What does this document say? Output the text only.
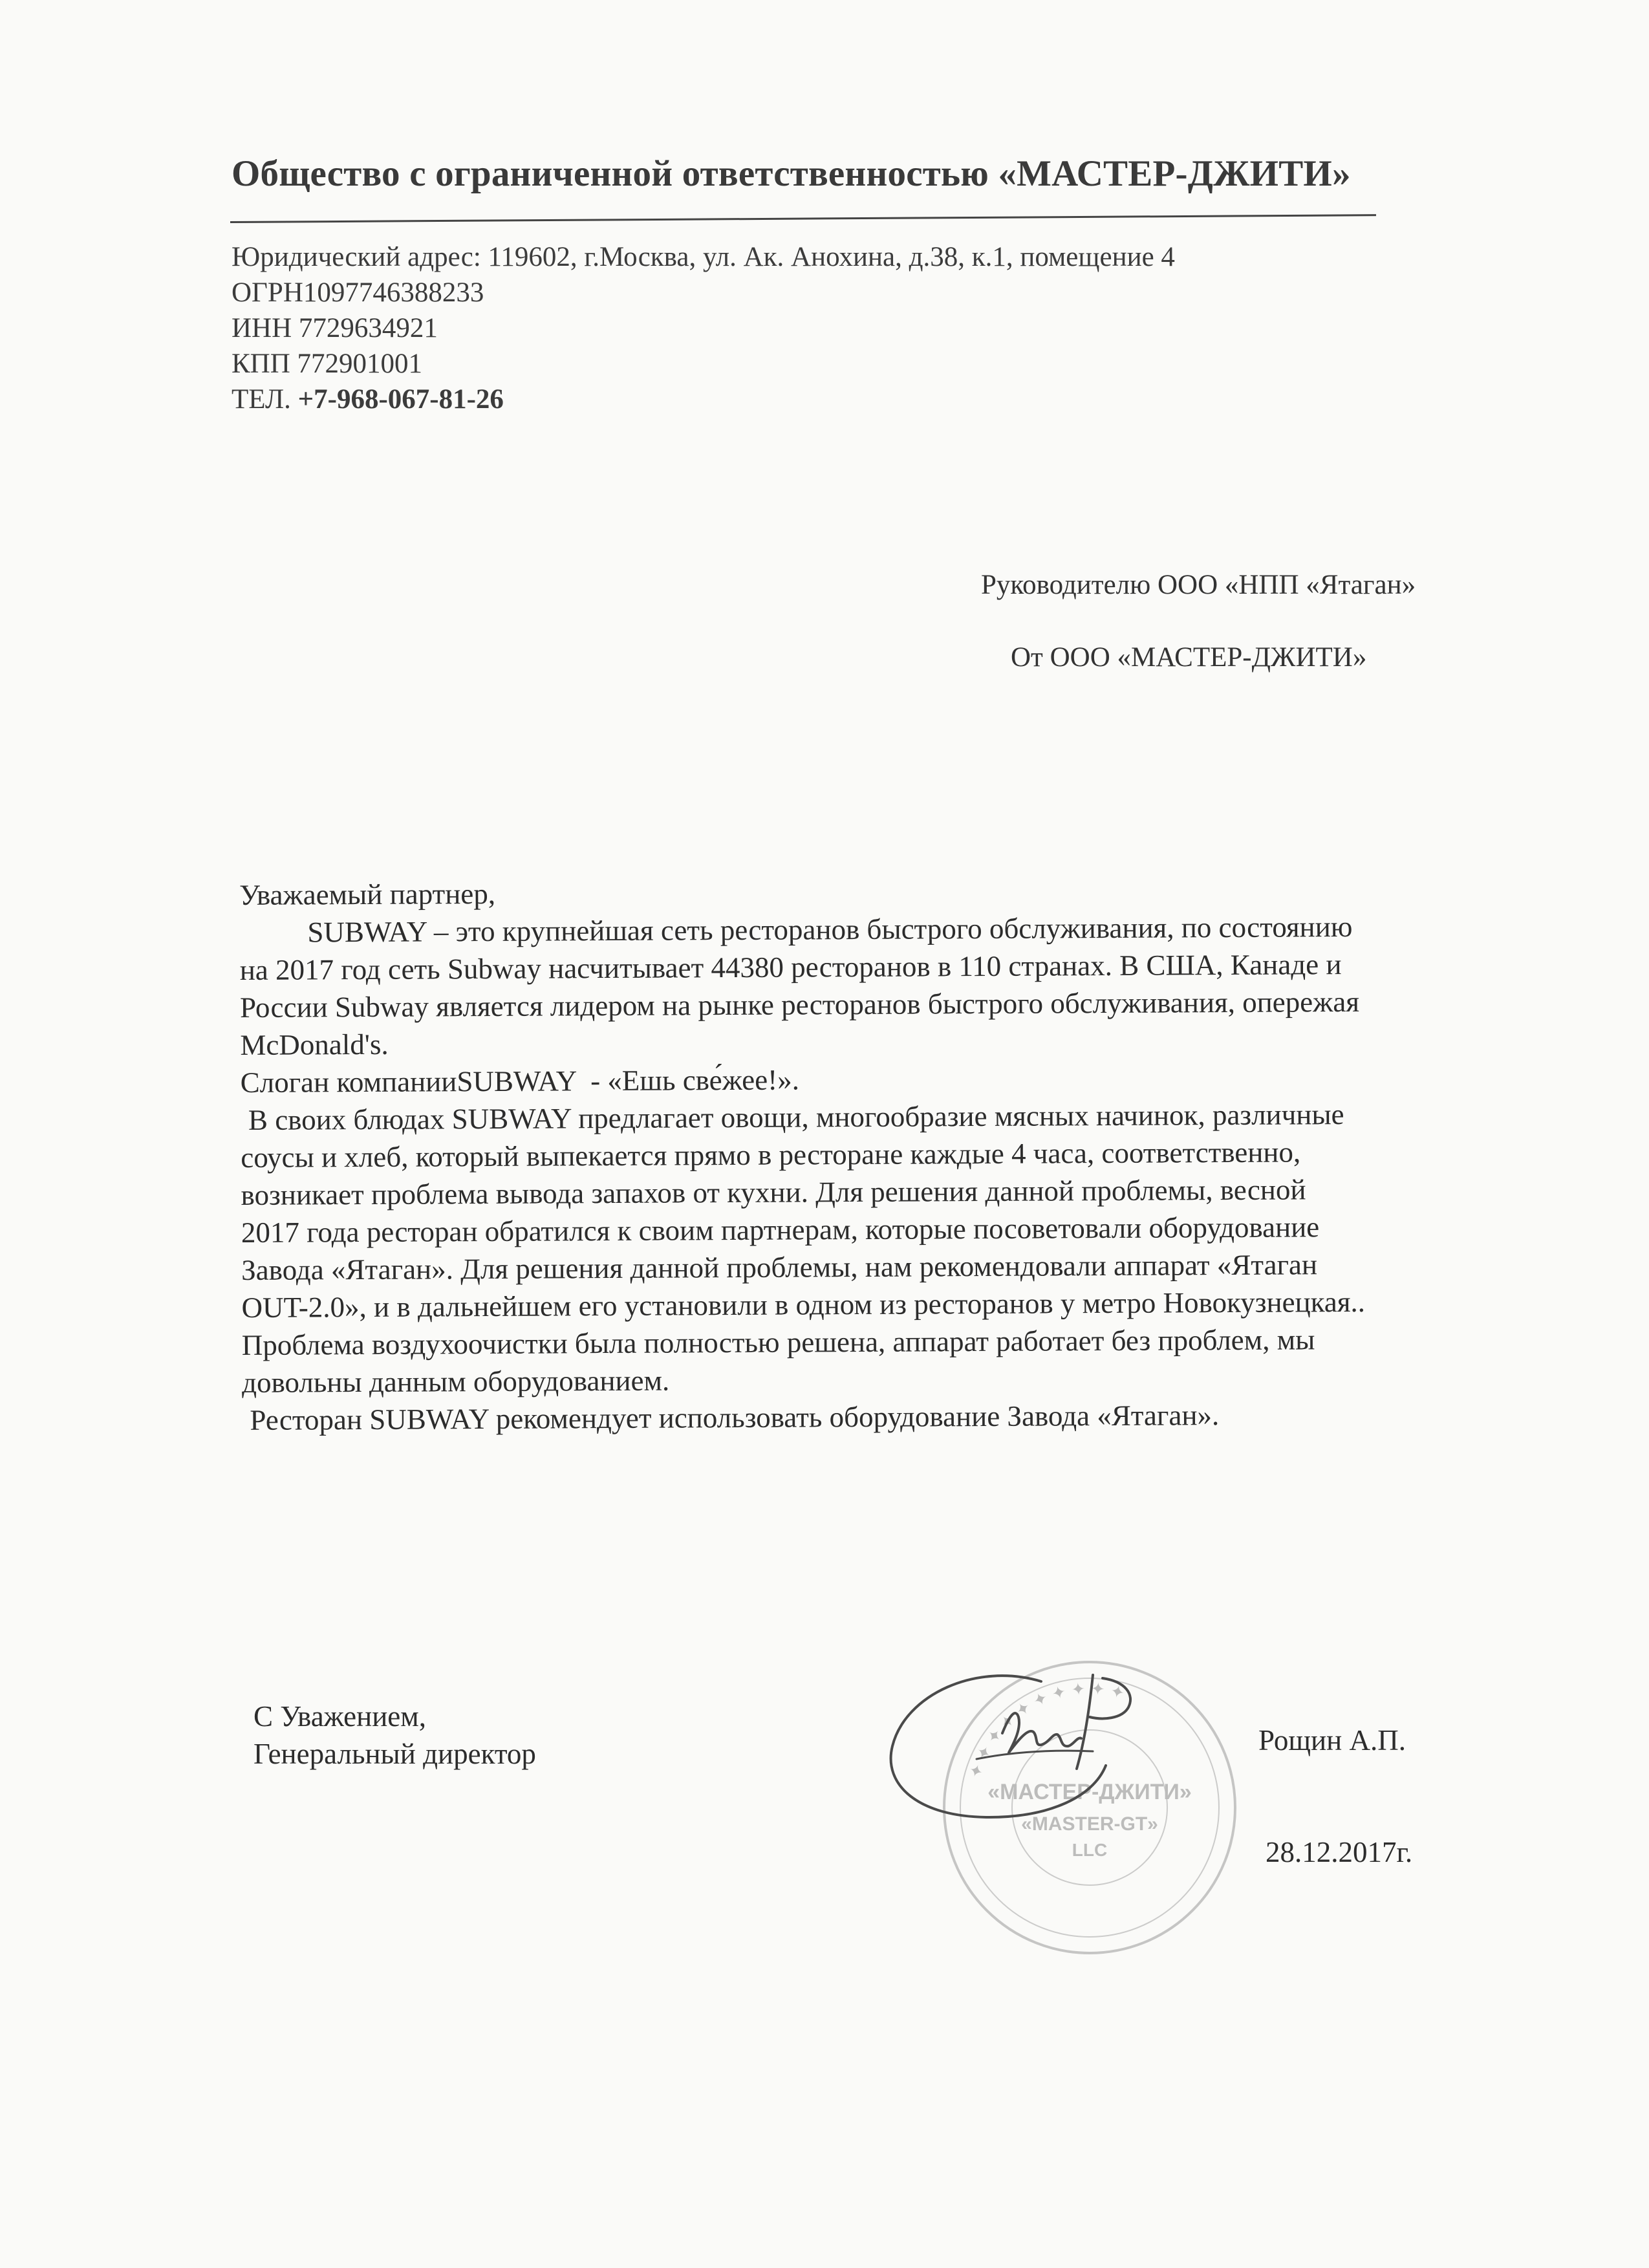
Общество с ограниченной ответственностью «МАСТЕР-ДЖИТИ»
Юридический адрес: 119602, г.Москва, ул. Ак. Анохина, д.38, к.1, помещение 4
ОГРН1097746388233
ИНН 7729634921
КПП 772901001
ТЕЛ. +7-968-067-81-26
Руководителю ООО «НПП «Ятаган»
От ООО «МАСТЕР-ДЖИТИ»
Уважаемый партнер,
SUBWAY – это крупнейшая сеть ресторанов быстрого обслуживания, по состоянию
на 2017 год сеть Subway насчитывает 44380 ресторанов в 110 странах. В США, Канаде и
России Subway является лидером на рынке ресторанов быстрого обслуживания, опережая
McDonald's.
Слоган компанииSUBWAY  - «Ешь све́жее!».
В своих блюдах SUBWAY предлагает овощи, многообразие мясных начинок, различные
соусы и хлеб, который выпекается прямо в ресторане каждые 4 часа, соответственно,
возникает проблема вывода запахов от кухни. Для решения данной проблемы, весной
2017 года ресторан обратился к своим партнерам, которые посоветовали оборудование
Завода «Ятаган». Для решения данной проблемы, нам рекомендовали аппарат «Ятаган
OUT-2.0», и в дальнейшем его установили в одном из ресторанов у метро Новокузнецкая..
Проблема воздухоочистки была полностью решена, аппарат работает без проблем, мы
довольны данным оборудованием.
Ресторан SUBWAY рекомендует использовать оборудование Завода «Ятаган».
С Уважением,
Генеральный директор
✦ ✦ ✦ ✦ ✦ ✦ ✦ ✦ ✦ ✦
«МАСТЕР-ДЖИТИ»
«MASTER-GT»
LLC
Рощин А.П.
28.12.2017г.
